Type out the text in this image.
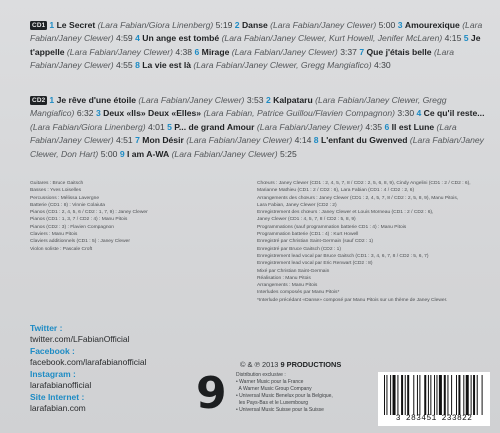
CD1 1 Le Secret (Lara Fabian/Giora Linenberg) 5:19 2 Danse (Lara Fabian/Janey Clewer) 5:00 3 Amourexique (Lara Fabian/Janey Clewer) 4:59 4 Un ange est tombé (Lara Fabian/Janey Clewer, Kurt Howell, Jenifer McLaren) 4:15 5 Je t'appelle (Lara Fabian/Janey Clewer) 4:38 6 Mirage (Lara Fabian/Janey Clewer) 3:37 7 Que j'étais belle (Lara Fabian/Janey Clewer) 4:55 8 La vie est là (Lara Fabian/Janey Clewer, Gregg Mangiafico) 4:30
CD2 1 Je rêve d'une étoile (Lara Fabian/Janey Clewer) 3:53 2 Kalpataru (Lara Fabian/Janey Clewer, Gregg Mangiafico) 6:32 3 Deux «Ils» Deux «Elles» (Lara Fabian, Patrice Guillou/Flavien Compagnon) 3:30 4 Ce qu'il reste... (Lara Fabian/Giora Linenberg) 4:01 5 P... de grand Amour (Lara Fabian/Janey Clewer) 4:35 6 Il est Lune (Lara Fabian/Janey Clewer) 4:51 7 Mon Désir (Lara Fabian/Janey Clewer) 4:14 8 L'enfant du Gwenved (Lara Fabian/Janey Clewer, Don Hart) 5:00 9 I am A-WA (Lara Fabian/Janey Clewer) 5:25
Guitares : Bruce Gaitsch
Basses : Yves Loiselles
Percussions : Mélissa Lavergne
Batterie (CD1 : 8) : Vinnie Colaiuta
Pianos (CD1 : 2, 4, 5, 6 / CD2 : 1, 7, 9) : Janey Clewer
Pianos (CD1 : 1, 3, 7 / CD2 : 4) : Manu Pitois
Pianos (CD2 : 3) : Flavien Compagnon
Claviers : Manu Pitois
Claviers additionnels (CD1 : 5) : Janey Clewer
Violon soliste : Pascale Croft
Chœurs : Janey Clewer (CD1 : 2, 4, 5, 7, 8 / CD2 : 2, 5, 6, 8, 9), Cindy Angelini (CD1 : 2 / CD2 : 6),
Marianne Mathieu (CD1 : 2 / CD2 : 6), Lara Fabian (CD1 : 4 / CD2 : 2, 6)
Arrangements des chœurs : Janey Clewer (CD1 : 2, 4, 5, 7, 8 / CD2 : 2, 5, 8, 9), Manu Pitois,
Lara Fabian, Janey Clewer (CD2 : 2)
Enregistrement des chœurs : Janey Clewer et Louis Morneau (CD1 : 2 / CD2 : 6),
Janey Clewer (CD1 : 4, 5, 7, 8 / CD2 : 5, 8, 9)
Programmations (sauf programmation batterie CD1 : 4) : Manu Pitois
Programmation batterie (CD1 : 4) : Kurt Howell
Enregistré par Christian Saint-Germain (sauf CD2 : 1)
Enregistré par Bruce Gaitsch (CD2 : 1)
Enregistrement lead vocal par Bruce Gaitsch (CD1 : 3, 4, 6, 7, 8 / CD2 : 5, 6, 7)
Enregistrement lead vocal par Eric Renwart (CD2 : 8)
Mixé par Christian Saint-Germain
Réalisation : Manu Pitois
Arrangements : Manu Pitois
Interludes composés par Manu Pitois*
*Interlude précédant «Danse» composé par Manu Pitois sur un thème de Janey Clewer.
Twitter :
twitter.com/LFabianOfficial
Facebook :
facebook.com/larafabianofficial
Instagram :
larafabianofficial
Site Internet :
larafabian.com
© & ℗ 2013 9 PRODUCTIONS
9 Distribution exclusive :
• Warner Music pour la France
A Warner Music Group Company
• Universal Music Benelux pour la Belgique,
les Pays-Bas et le Luxembourg
• Universal Music Suisse pour la Suisse
3 283451 233822
